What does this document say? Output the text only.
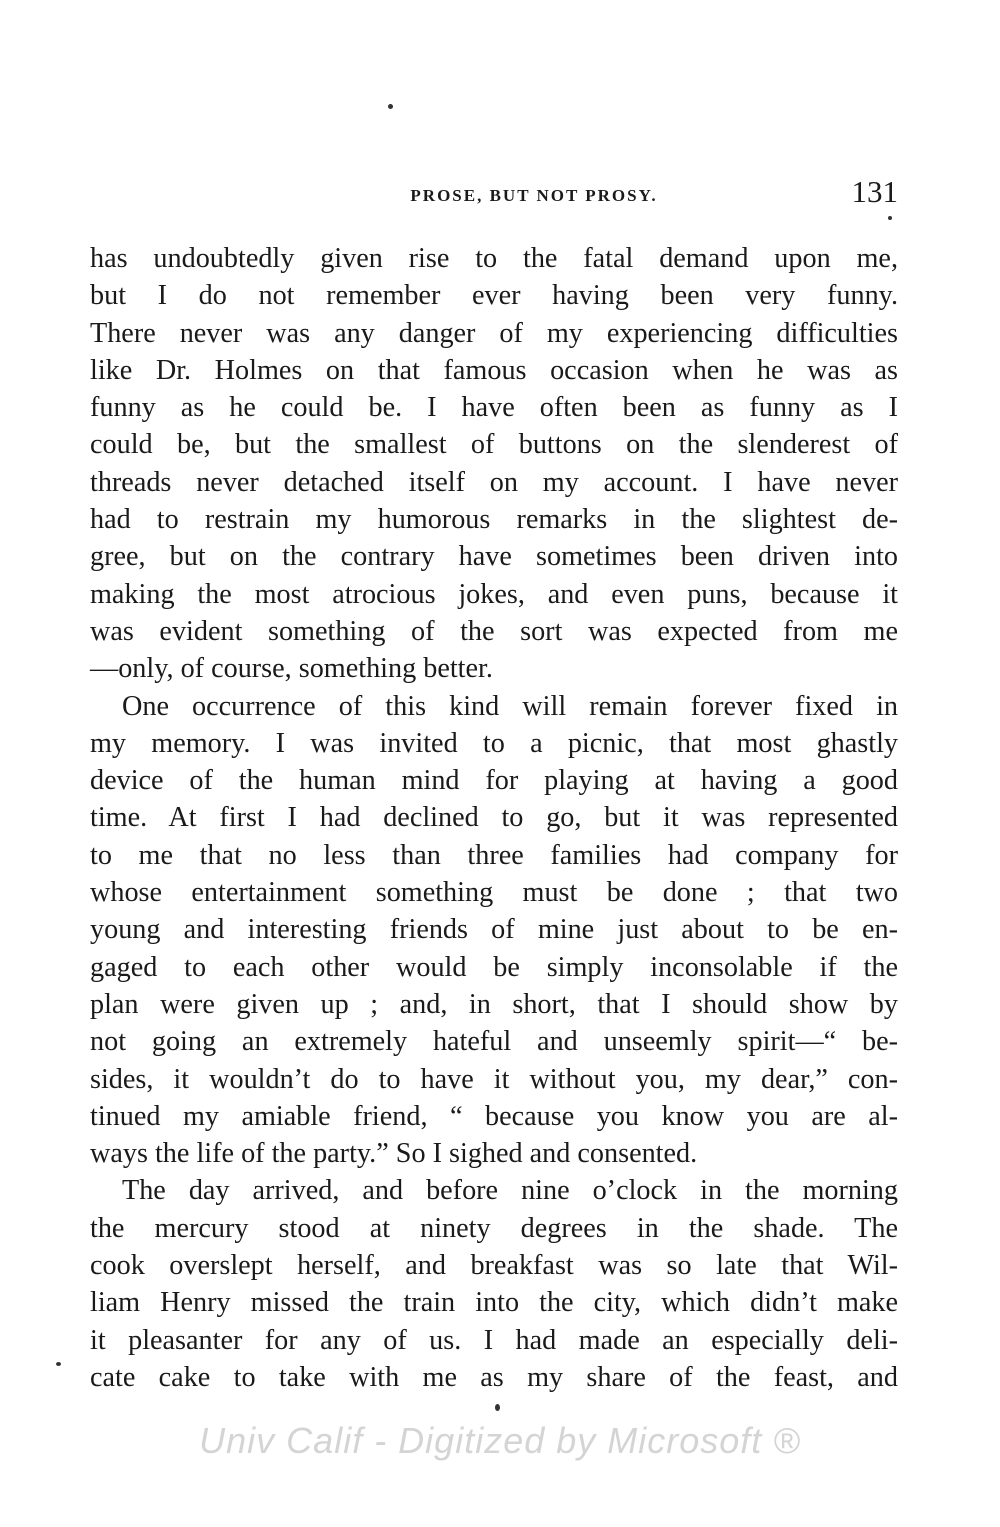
PROSE, BUT NOT PROSY.	131
has undoubtedly given rise to the fatal demand upon me,
but I do not remember ever having been very funny.
There never was any danger of my experiencing difficulties
like Dr. Holmes on that famous occasion when he was as
funny as he could be. I have often been as funny as I
could be, but the smallest of buttons on the slenderest of
threads never detached itself on my account. I have never
had to restrain my humorous remarks in the slightest de-
gree, but on the contrary have sometimes been driven into
making the most atrocious jokes, and even puns, because it
was evident something of the sort was expected from me
—only, of course, something better.
One occurrence of this kind will remain forever fixed in
my memory. I was invited to a picnic, that most ghastly
device of the human mind for playing at having a good
time. At first I had declined to go, but it was represented
to me that no less than three families had company for
whose entertainment something must be done ; that two
young and interesting friends of mine just about to be en-
gaged to each other would be simply inconsolable if the
plan were given up ; and, in short, that I should show by
not going an extremely hateful and unseemly spirit—“ be-
sides, it wouldn’t do to have it without you, my dear,” con-
tinued my amiable friend, “ because you know you are al-
ways the life of the party.” So I sighed and consented.
The day arrived, and before nine o’clock in the morning
the mercury stood at ninety degrees in the shade. The
cook overslept herself, and breakfast was so late that Wil-
liam Henry missed the train into the city, which didn’t make
it pleasanter for any of us. I had made an especially deli-
cate cake to take with me as my share of the feast, and
Univ Calif - Digitized by Microsoft ®
